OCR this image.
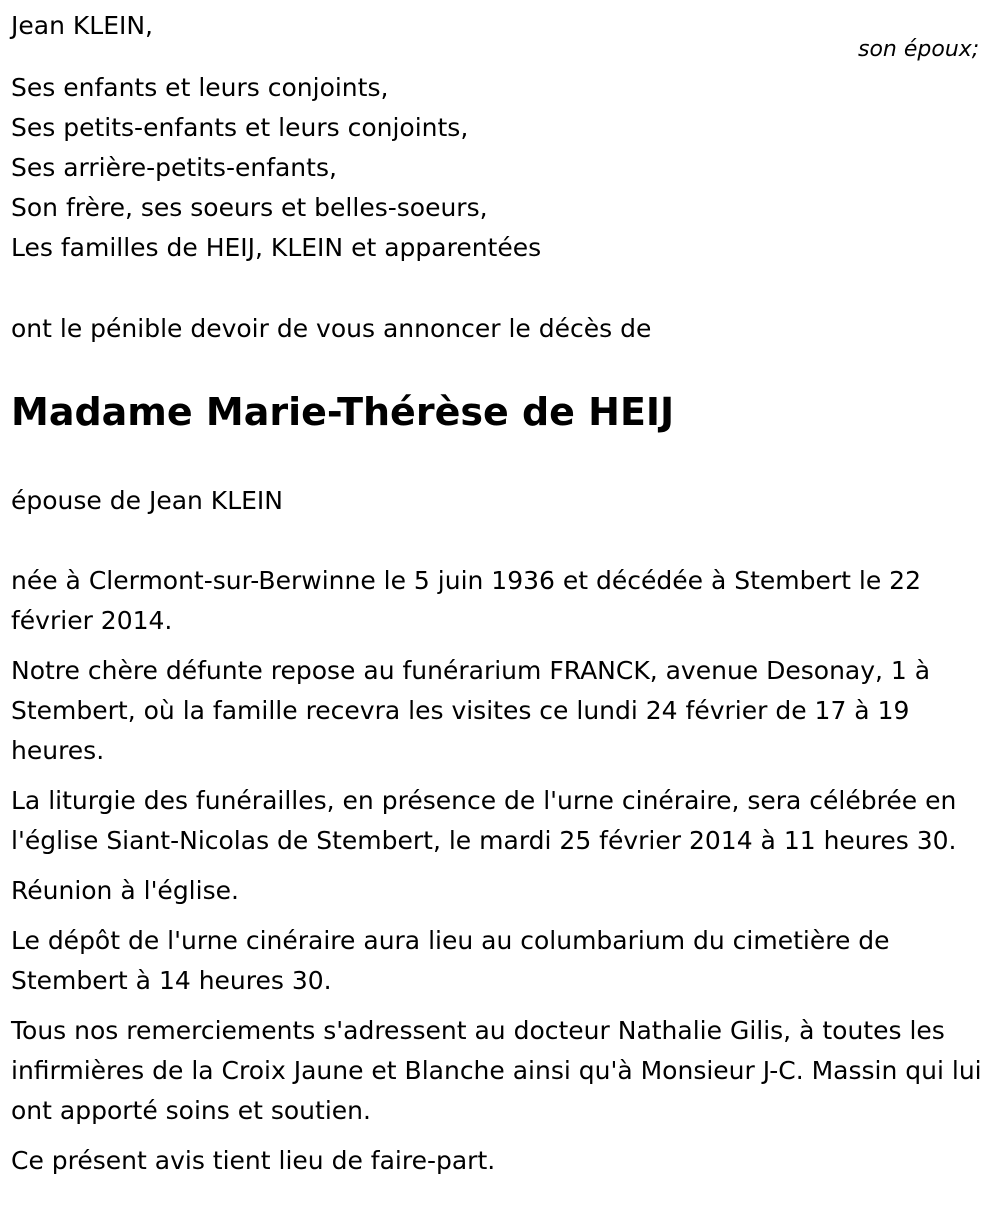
Jean KLEIN,
son époux;
Ses enfants et leurs conjoints,
Ses petits-enfants et leurs conjoints,
Ses arrière-petits-enfants,
Son frère, ses soeurs et belles-soeurs,
Les familles de HEIJ, KLEIN et apparentées
ont le pénible devoir de vous annoncer le décès de
Madame Marie-Thérèse de HEIJ
épouse de Jean KLEIN

née à Clermont-sur-Berwinne le 5 juin 1936 et décédée à Stembert le 22 février 2014.

Notre chère défunte repose au funérarium FRANCK, avenue Desonay, 1 à Stembert, où la famille recevra les visites ce lundi 24 février de 17 à 19 heures.

La liturgie des funérailles, en présence de l'urne cinéraire, sera célébrée en l'église Siant-Nicolas de Stembert, le mardi 25 février 2014 à 11 heures 30.

Réunion à l'église.

Le dépôt de l'urne cinéraire aura lieu au columbarium du cimetière de Stembert à 14 heures 30.

Tous nos remerciements s'adressent au docteur Nathalie Gilis, à toutes les infirmières de la Croix Jaune et Blanche ainsi qu'à Monsieur J-C. Massin qui lui ont apporté soins et soutien.

Ce présent avis tient lieu de faire-part.
